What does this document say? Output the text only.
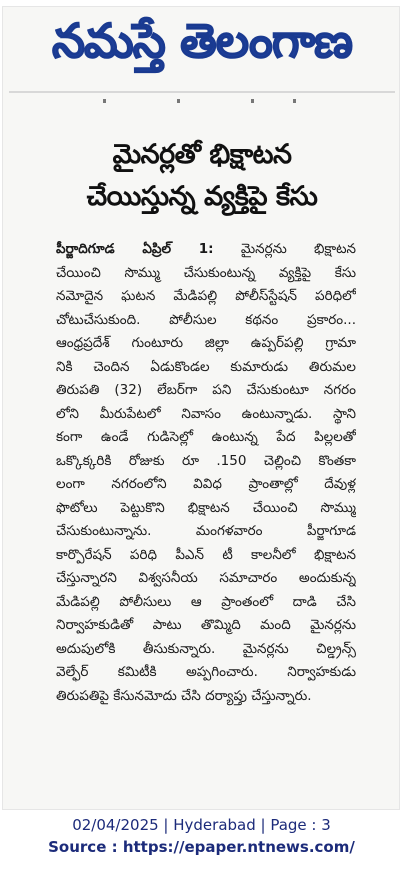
నమస్తే తెలంగాణ
మైనర్లతో భిక్షాటన
చేయిస్తున్న వ్యక్తిపై కేసు
పీర్జాదిగూడ ఏప్రిల్ 1: మైనర్లను భిక్షాటన
చేయించి సొమ్ము చేసుకుంటున్న వ్యక్తిపై కేసు
నమోదైన ఘటన మేడిపల్లి పోలీస్‌స్టేషన్ పరిధిలో
చోటుచేసుకుంది. పోలీసుల కథనం ప్రకారం...
ఆంధ్రప్రదేశ్ గుంటూరు జిల్లా ఉప్పర్‌పల్లి గ్రామా
నికి చెందిన ఏడుకొండల కుమారుడు తిరుమల
తిరుపతి (32) లేబర్‌గా పని చేసుకుంటూ నగరం
లోని మీరుపేటలో నివాసం ఉంటున్నాడు. స్థాని
కంగా ఉండే గుడిసెల్లో ఉంటున్న పేద పిల్లలతో
ఒక్కొక్కరికి రోజుకు రూ .150 చెల్లించి కొంతకా
లంగా నగరంలోని వివిధ ప్రాంతాల్లో దేవుళ్ల
ఫొటోలు పెట్టుకొని భిక్షాటన చేయించి సొమ్ము
చేసుకుంటున్నాను. మంగళవారం పీర్జాగూడ
కార్పొరేషన్ పరిధి పీఎన్ టీ కాలనీలో భిక్షాటన
చేస్తున్నారని విశ్వసనీయ సమాచారం అందుకున్న
మేడిపల్లి పోలీసులు ఆ ప్రాంతంలో దాడి చేసి
నిర్వాహకుడితో పాటు తొమ్మిది మంది మైనర్లను
అదుపులోకి తీసుకున్నారు. మైనర్లను చిల్డ్రన్స్
వెల్ఫేర్ కమిటీకి అప్పగించారు. నిర్వాహకుడు
తిరుపతిపై కేసునమోదు చేసి దర్యాప్తు చేస్తున్నారు.
02/04/2025 | Hyderabad | Page : 3
Source : https://epaper.ntnews.com/
